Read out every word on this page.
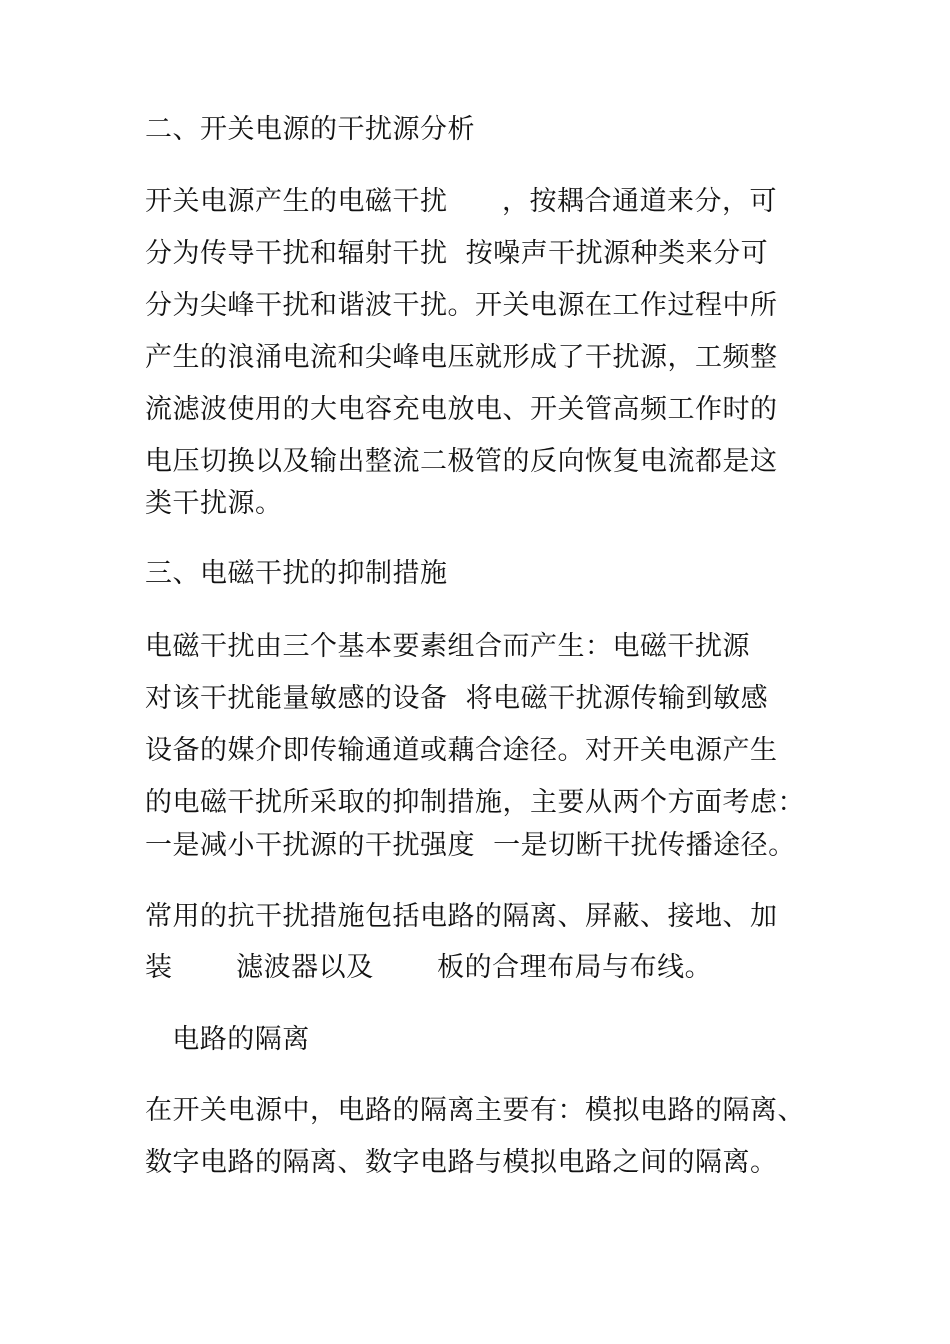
二、开关电源的干扰源分析
开关电源产生的电磁干扰      ，按耦合通道来分，可
分为传导干扰和辐射干扰  按噪声干扰源种类来分可
分为尖峰干扰和谐波干扰。开关电源在工作过程中所
产生的浪涌电流和尖峰电压就形成了干扰源，工频整
流滤波使用的大电容充电放电、开关管高频工作时的
电压切换以及输出整流二极管的反向恢复电流都是这
类干扰源。
三、电磁干扰的抑制措施
电磁干扰由三个基本要素组合而产生：电磁干扰源
对该干扰能量敏感的设备  将电磁干扰源传输到敏感
设备的媒介即传输通道或藕合途径。对开关电源产生
的电磁干扰所采取的抑制措施，主要从两个方面考虑：
一是减小干扰源的干扰强度  一是切断干扰传播途径。
常用的抗干扰措施包括电路的隔离、屏蔽、接地、加
装       滤波器以及       板的合理布局与布线。
电路的隔离
在开关电源中，电路的隔离主要有：模拟电路的隔离、
数字电路的隔离、数字电路与模拟电路之间的隔离。
